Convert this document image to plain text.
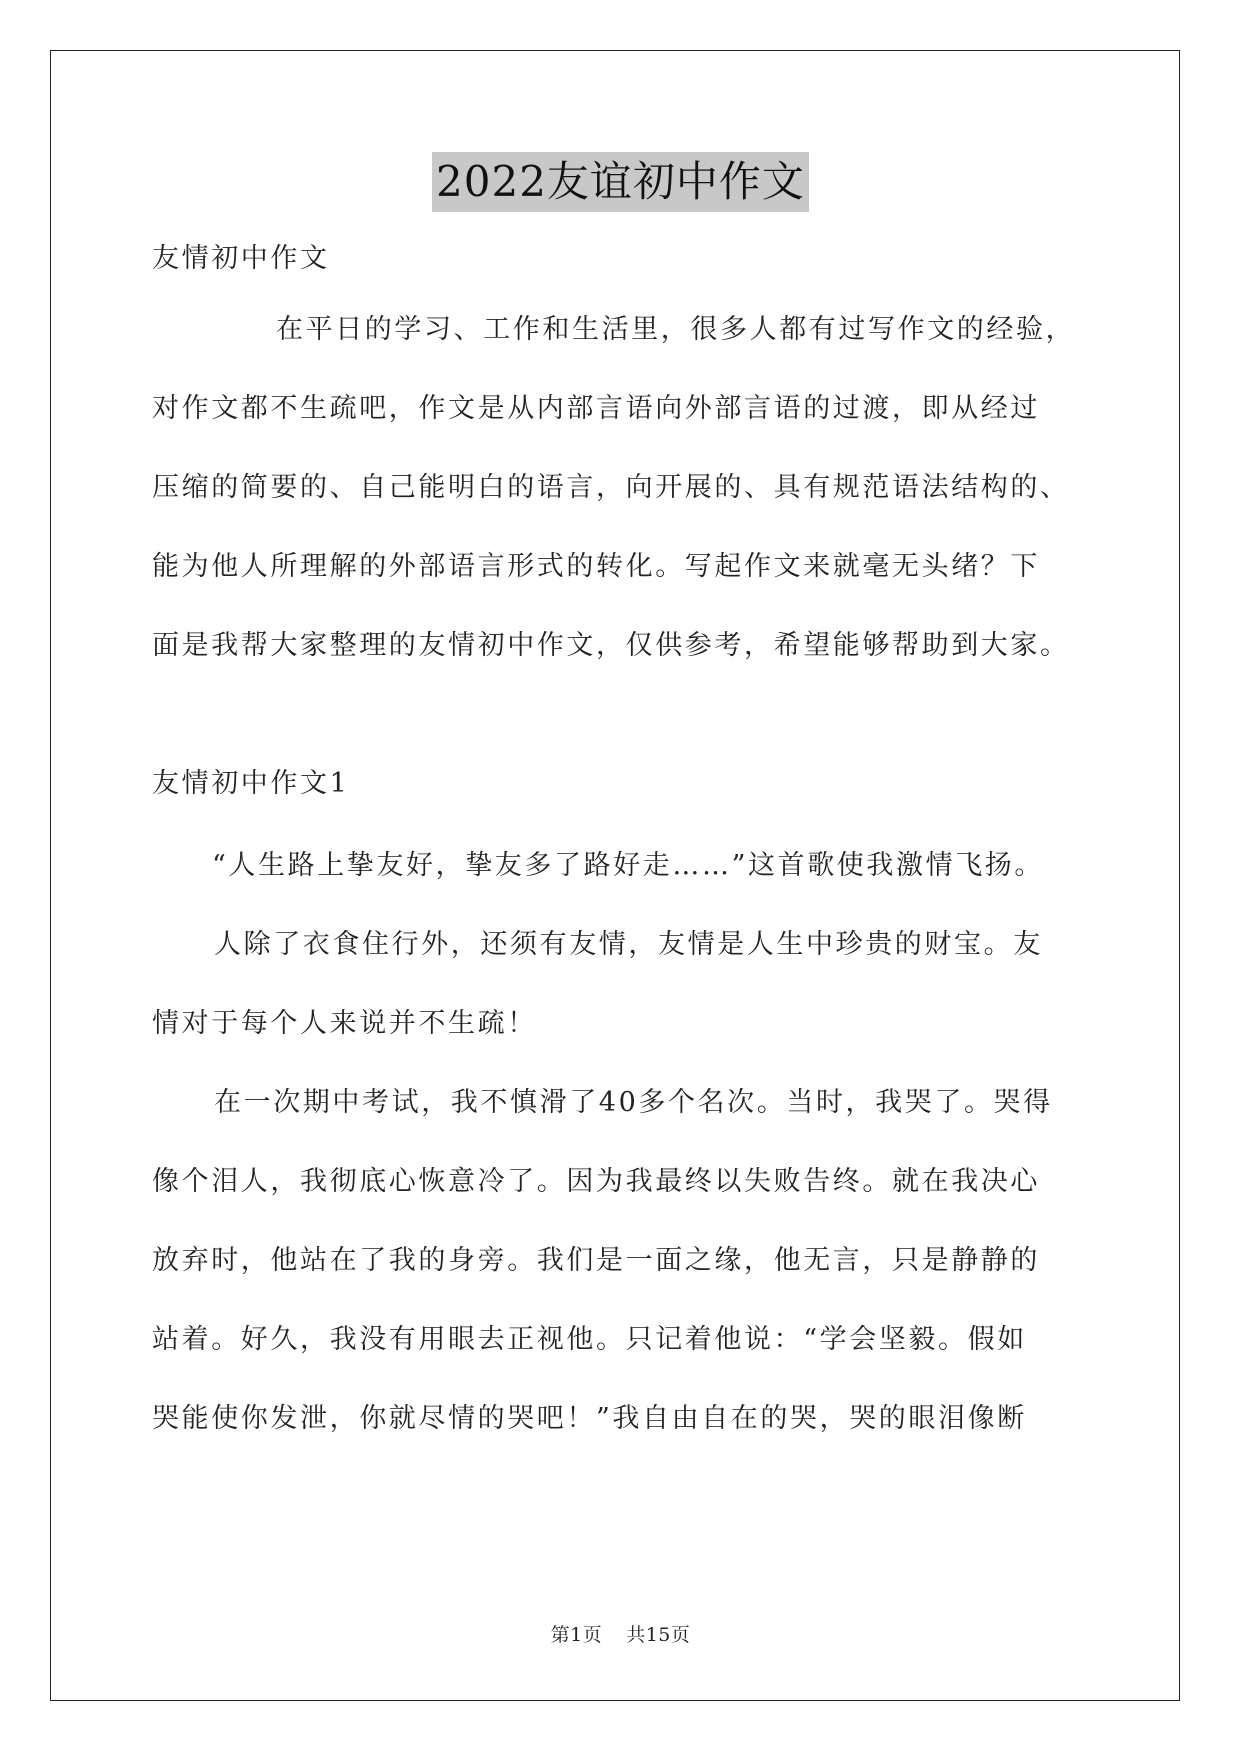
2022友谊初中作文
友情初中作文
在平日的学习、工作和生活里，很多人都有过写作文的经验，
对作文都不生疏吧，作文是从内部言语向外部言语的过渡，即从经过
压缩的简要的、自己能明白的语言，向开展的、具有规范语法结构的、
能为他人所理解的外部语言形式的转化。写起作文来就毫无头绪？下
面是我帮大家整理的友情初中作文，仅供参考，希望能够帮助到大家。
友情初中作文1
“人生路上挚友好，挚友多了路好走……”这首歌使我激情飞扬。
人除了衣食住行外，还须有友情，友情是人生中珍贵的财宝。友
情对于每个人来说并不生疏！
在一次期中考试，我不慎滑了40多个名次。当时，我哭了。哭得
像个泪人，我彻底心恢意冷了。因为我最终以失败告终。就在我决心
放弃时，他站在了我的身旁。我们是一面之缘，他无言，只是静静的
站着。好久，我没有用眼去正视他。只记着他说：“学会坚毅。假如
哭能使你发泄，你就尽情的哭吧！”我自由自在的哭，哭的眼泪像断
第1页 共15页
